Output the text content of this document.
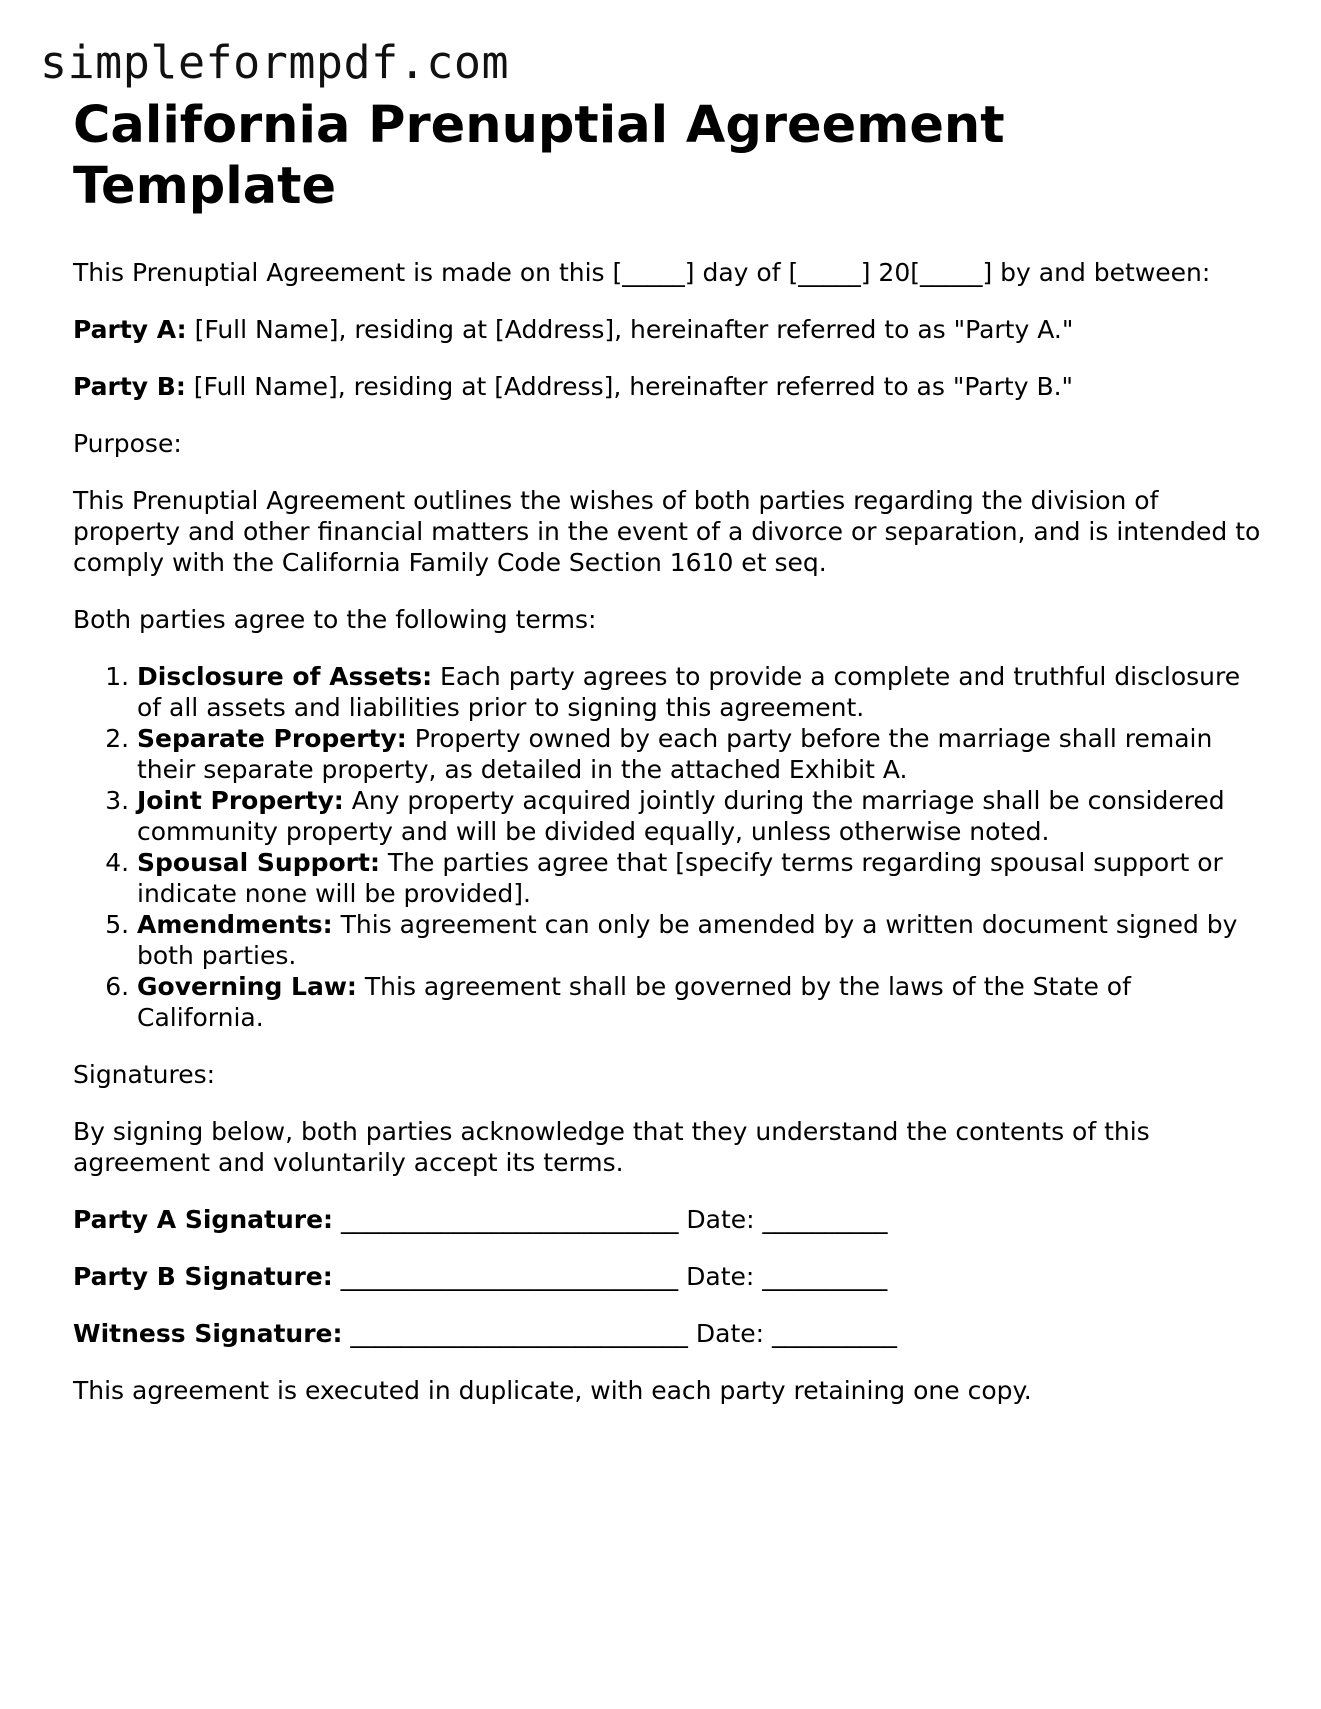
simpleformpdf.com
California Prenuptial Agreement Template

This Prenuptial Agreement is made on this [_____] day of [_____] 20[_____] by and between:

Party A: [Full Name], residing at [Address], hereinafter referred to as "Party A."

Party B: [Full Name], residing at [Address], hereinafter referred to as "Party B."

Purpose:

This Prenuptial Agreement outlines the wishes of both parties regarding the division of property and other financial matters in the event of a divorce or separation, and is intended to comply with the California Family Code Section 1610 et seq.

Both parties agree to the following terms:

1. Disclosure of Assets: Each party agrees to provide a complete and truthful disclosure of all assets and liabilities prior to signing this agreement.
2. Separate Property: Property owned by each party before the marriage shall remain their separate property, as detailed in the attached Exhibit A.
3. Joint Property: Any property acquired jointly during the marriage shall be considered community property and will be divided equally, unless otherwise noted.
4. Spousal Support: The parties agree that [specify terms regarding spousal support or indicate none will be provided].
5. Amendments: This agreement can only be amended by a written document signed by both parties.
6. Governing Law: This agreement shall be governed by the laws of the State of California.

Signatures:

By signing below, both parties acknowledge that they understand the contents of this agreement and voluntarily accept its terms.

Party A Signature: ___________________________ Date: __________

Party B Signature: ___________________________ Date: __________

Witness Signature: ___________________________ Date: __________

This agreement is executed in duplicate, with each party retaining one copy.
